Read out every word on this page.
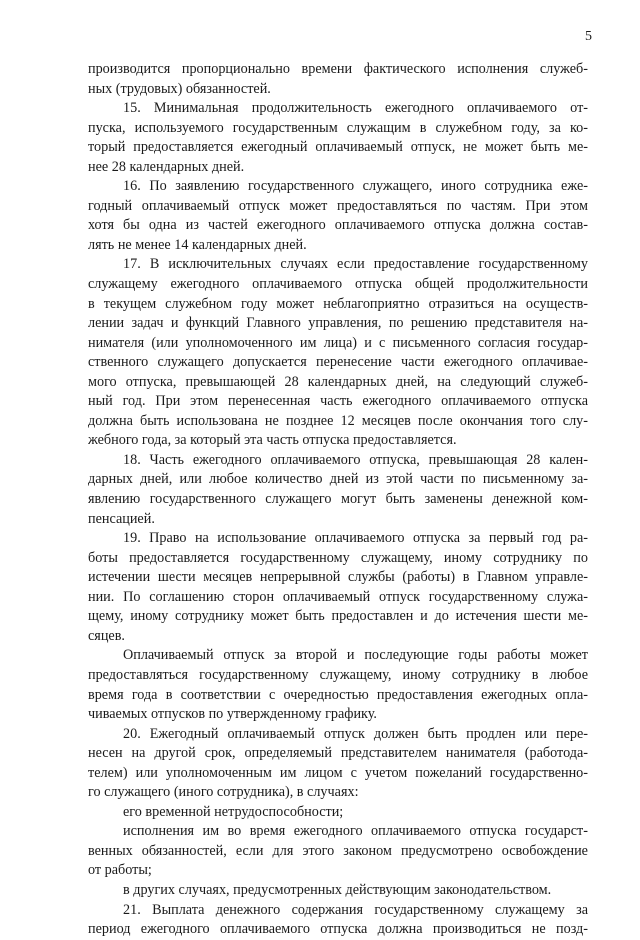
5
производится пропорционально времени фактического исполнения служеб-
ных (трудовых) обязанностей.
15. Минимальная продолжительность ежегодного оплачиваемого от-
пуска, используемого государственным служащим в служебном году, за ко-
торый предоставляется ежегодный оплачиваемый отпуск, не может быть ме-
нее 28 календарных дней.
16. По заявлению государственного служащего, иного сотрудника еже-
годный оплачиваемый отпуск может предоставляться по частям. При этом
хотя бы одна из частей ежегодного оплачиваемого отпуска должна состав-
лять не менее 14 календарных дней.
17. В исключительных случаях если предоставление государственному
служащему ежегодного оплачиваемого отпуска общей продолжительности
в текущем служебном году может неблагоприятно отразиться на осуществ-
лении задач и функций Главного управления, по решению представителя на-
нимателя (или уполномоченного им лица) и с письменного согласия государ-
ственного служащего допускается перенесение части ежегодного оплачивае-
мого отпуска, превышающей 28 календарных дней, на следующий служеб-
ный год. При этом перенесенная часть ежегодного оплачиваемого отпуска
должна быть использована не позднее 12 месяцев после окончания того слу-
жебного года, за который эта часть отпуска предоставляется.
18. Часть ежегодного оплачиваемого отпуска, превышающая 28 кален-
дарных дней, или любое количество дней из этой части по письменному за-
явлению государственного служащего могут быть заменены денежной ком-
пенсацией.
19. Право на использование оплачиваемого отпуска за первый год ра-
боты предоставляется государственному служащему, иному сотруднику по
истечении шести месяцев непрерывной службы (работы) в Главном управле-
нии. По соглашению сторон оплачиваемый отпуск государственному служа-
щему, иному сотруднику может быть предоставлен и до истечения шести ме-
сяцев.
Оплачиваемый отпуск за второй и последующие годы работы может
предоставляться государственному служащему, иному сотруднику в любое
время года в соответствии с очередностью предоставления ежегодных опла-
чиваемых отпусков по утвержденному графику.
20. Ежегодный оплачиваемый отпуск должен быть продлен или пере-
несен на другой срок, определяемый представителем нанимателя (работода-
телем) или уполномоченным им лицом с учетом пожеланий государственно-
го служащего (иного сотрудника), в случаях:
его временной нетрудоспособности;
исполнения им во время ежегодного оплачиваемого отпуска государст-
венных обязанностей, если для этого законом предусмотрено освобождение
от работы;
в других случаях, предусмотренных действующим законодательством.
21. Выплата денежного содержания государственному служащему за
период ежегодного оплачиваемого отпуска должна производиться не позд-
